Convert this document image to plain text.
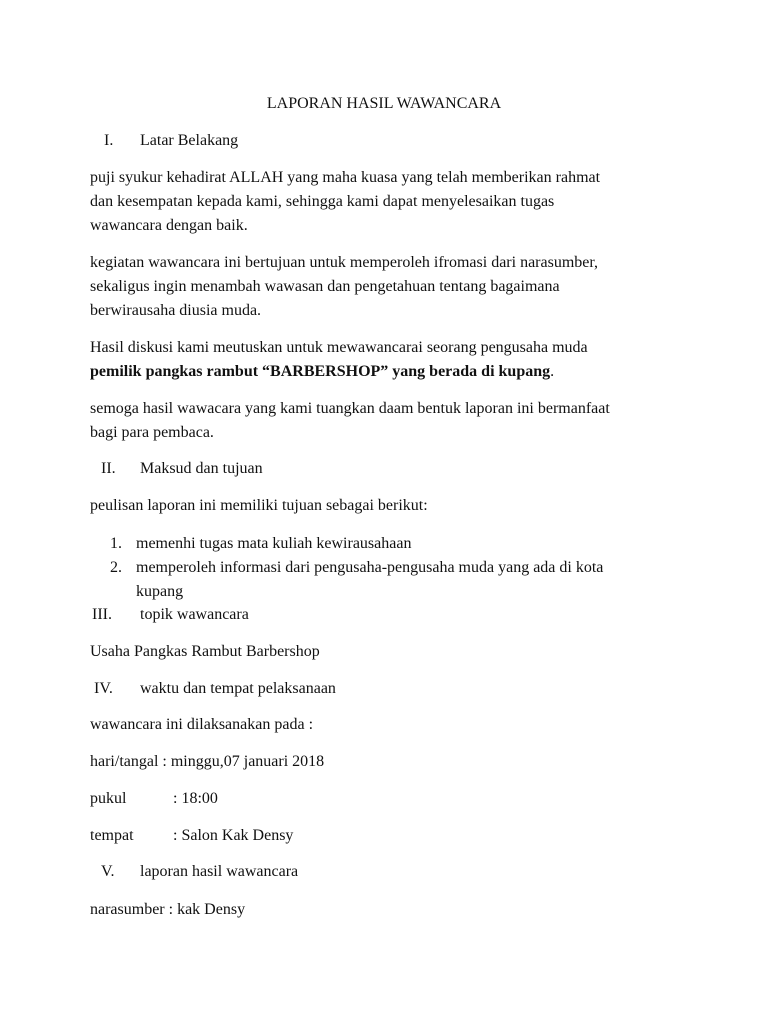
LAPORAN HASIL WAWANCARA

I. Latar Belakang

puji syukur kehadirat ALLAH yang maha kuasa yang telah memberikan rahmat

dan kesempatan kepada kami, sehingga kami dapat menyelesaikan tugas

wawancara dengan baik.

kegiatan wawancara ini bertujuan untuk memperoleh ifromasi dari narasumber,

sekaligus ingin menambah wawasan dan pengetahuan tentang bagaimana

berwirausaha diusia muda.

Hasil diskusi kami meutuskan untuk mewawancarai seorang pengusaha muda

pemilik pangkas rambut “BARBERSHOP” yang berada di kupang.

semoga hasil wawacara yang kami tuangkan daam bentuk laporan ini bermanfaat

bagi para pembaca.

II. Maksud dan tujuan

peulisan laporan ini memiliki tujuan sebagai berikut:

1. memenhi tugas mata kuliah kewirausahaan

2. memperoleh informasi dari pengusaha-pengusaha muda yang ada di kota

kupang

III. topik wawancara

Usaha Pangkas Rambut Barbershop

IV. waktu dan tempat pelaksanaan

wawancara ini dilaksanakan pada :

hari/tangal : minggu,07 januari 2018

pukul	: 18:00

tempat : Salon Kak Densy

V. laporan hasil wawancara

narasumber : kak Densy
